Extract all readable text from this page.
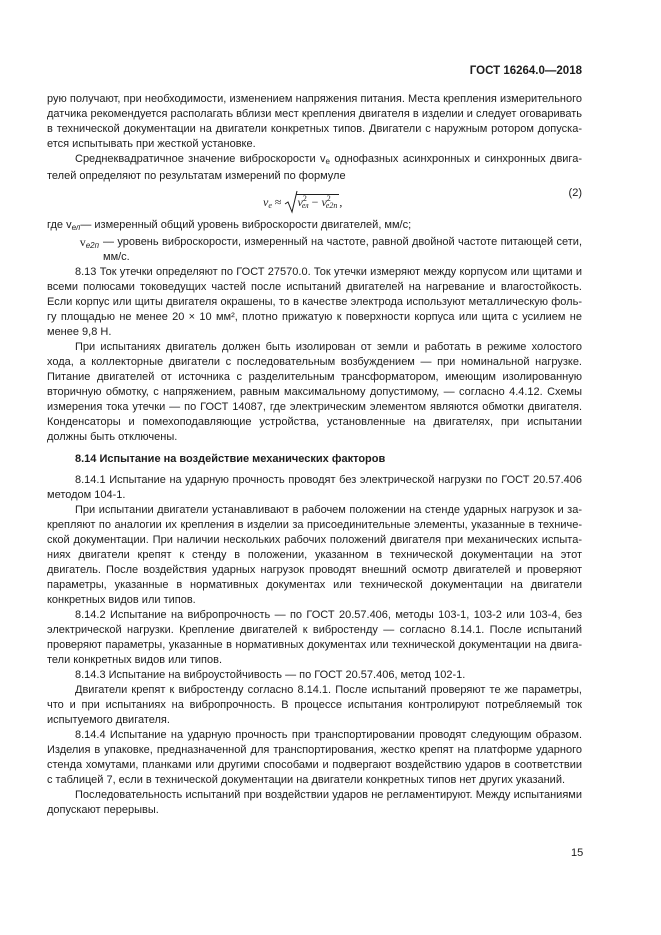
ГОСТ 16264.0—2018

рую получают, при необходимости, изменением напряжения питания. Места крепления измерительного датчика рекомендуется располагать вблизи мест крепления двигателя в изделии и следует оговаривать в технической документации на двигатели конкретных типов. Двигатели с наружным ротором допускается испытывать при жесткой установке.

Среднеквадратичное значение виброскорости $v_e$ однофазных асинхронных и синхронных двигателей определяют по результатам измерений по формуле

$v_e \approx v^2_{ел} - v^2_{е2п}$ ,
(2)
где $v_{ел}$ — измеренный общий уровень виброскорости двигателей, мм/с;
$v_{е2п}$ — уровень виброскорости, измеренный на частоте, равной двойной частоте питающей сети, мм/с.

8.13 Ток утечки определяют по ГОСТ 27570.0. Ток утечки измеряют между корпусом или щитами и всеми полюсами токоведущих частей после испытаний двигателей на нагревание и влагостойкость. Если корпус или щиты двигателя окрашены, то в качестве электрода используют металлическую фольгу площадью не менее 20 × 10 мм², плотно прижатую к поверхности корпуса или щита с усилием не менее 9,8 Н.

При испытаниях двигатель должен быть изолирован от земли и работать в режиме холостого хода, а коллекторные двигатели с последовательным возбуждением — при номинальной нагрузке. Питание двигателей от источника с разделительным трансформатором, имеющим изолированную вторичную обмотку, с напряжением, равным максимальному допустимому, — согласно 4.4.12. Схемы измерения тока утечки — по ГОСТ 14087, где электрическим элементом являются обмотки двигателя. Конденсаторы и помехоподавляющие устройства, установленные на двигателях, при испытании должны быть отключены.

8.14 Испытание на воздействие механических факторов

8.14.1 Испытание на ударную прочность проводят без электрической нагрузки по ГОСТ 20.57.406 методом 104-1.

При испытании двигатели устанавливают в рабочем положении на стенде ударных нагрузок и закрепляют по аналогии их крепления в изделии за присоединительные элементы, указанные в технической документации. При наличии нескольких рабочих положений двигателя при механических испытаниях двигатели крепят к стенду в положении, указанном в технической документации на этот двигатель. После воздействия ударных нагрузок проводят внешний осмотр двигателей и проверяют параметры, указанные в нормативных документах или технической документации на двигатели конкретных видов или типов.

8.14.2 Испытание на вибропрочность — по ГОСТ 20.57.406, методы 103-1, 103-2 или 103-4, без электрической нагрузки. Крепление двигателей к вибростенду — согласно 8.14.1. После испытаний проверяют параметры, указанные в нормативных документах или технической документации на двигатели конкретных видов или типов.

8.14.3 Испытание на виброустойчивость — по ГОСТ 20.57.406, метод 102-1.

Двигатели крепят к вибростенду согласно 8.14.1. После испытаний проверяют те же параметры, что и при испытаниях на вибропрочность. В процессе испытания контролируют потребляемый ток испытуемого двигателя.

8.14.4 Испытание на ударную прочность при транспортировании проводят следующим образом. Изделия в упаковке, предназначенной для транспортирования, жестко крепят на платформе ударного стенда хомутами, планками или другими способами и подвергают воздействию ударов в соответствии с таблицей 7, если в технической документации на двигатели конкретных типов нет других указаний.

Последовательность испытаний при воздействии ударов не регламентируют. Между испытаниями допускают перерывы.

15
